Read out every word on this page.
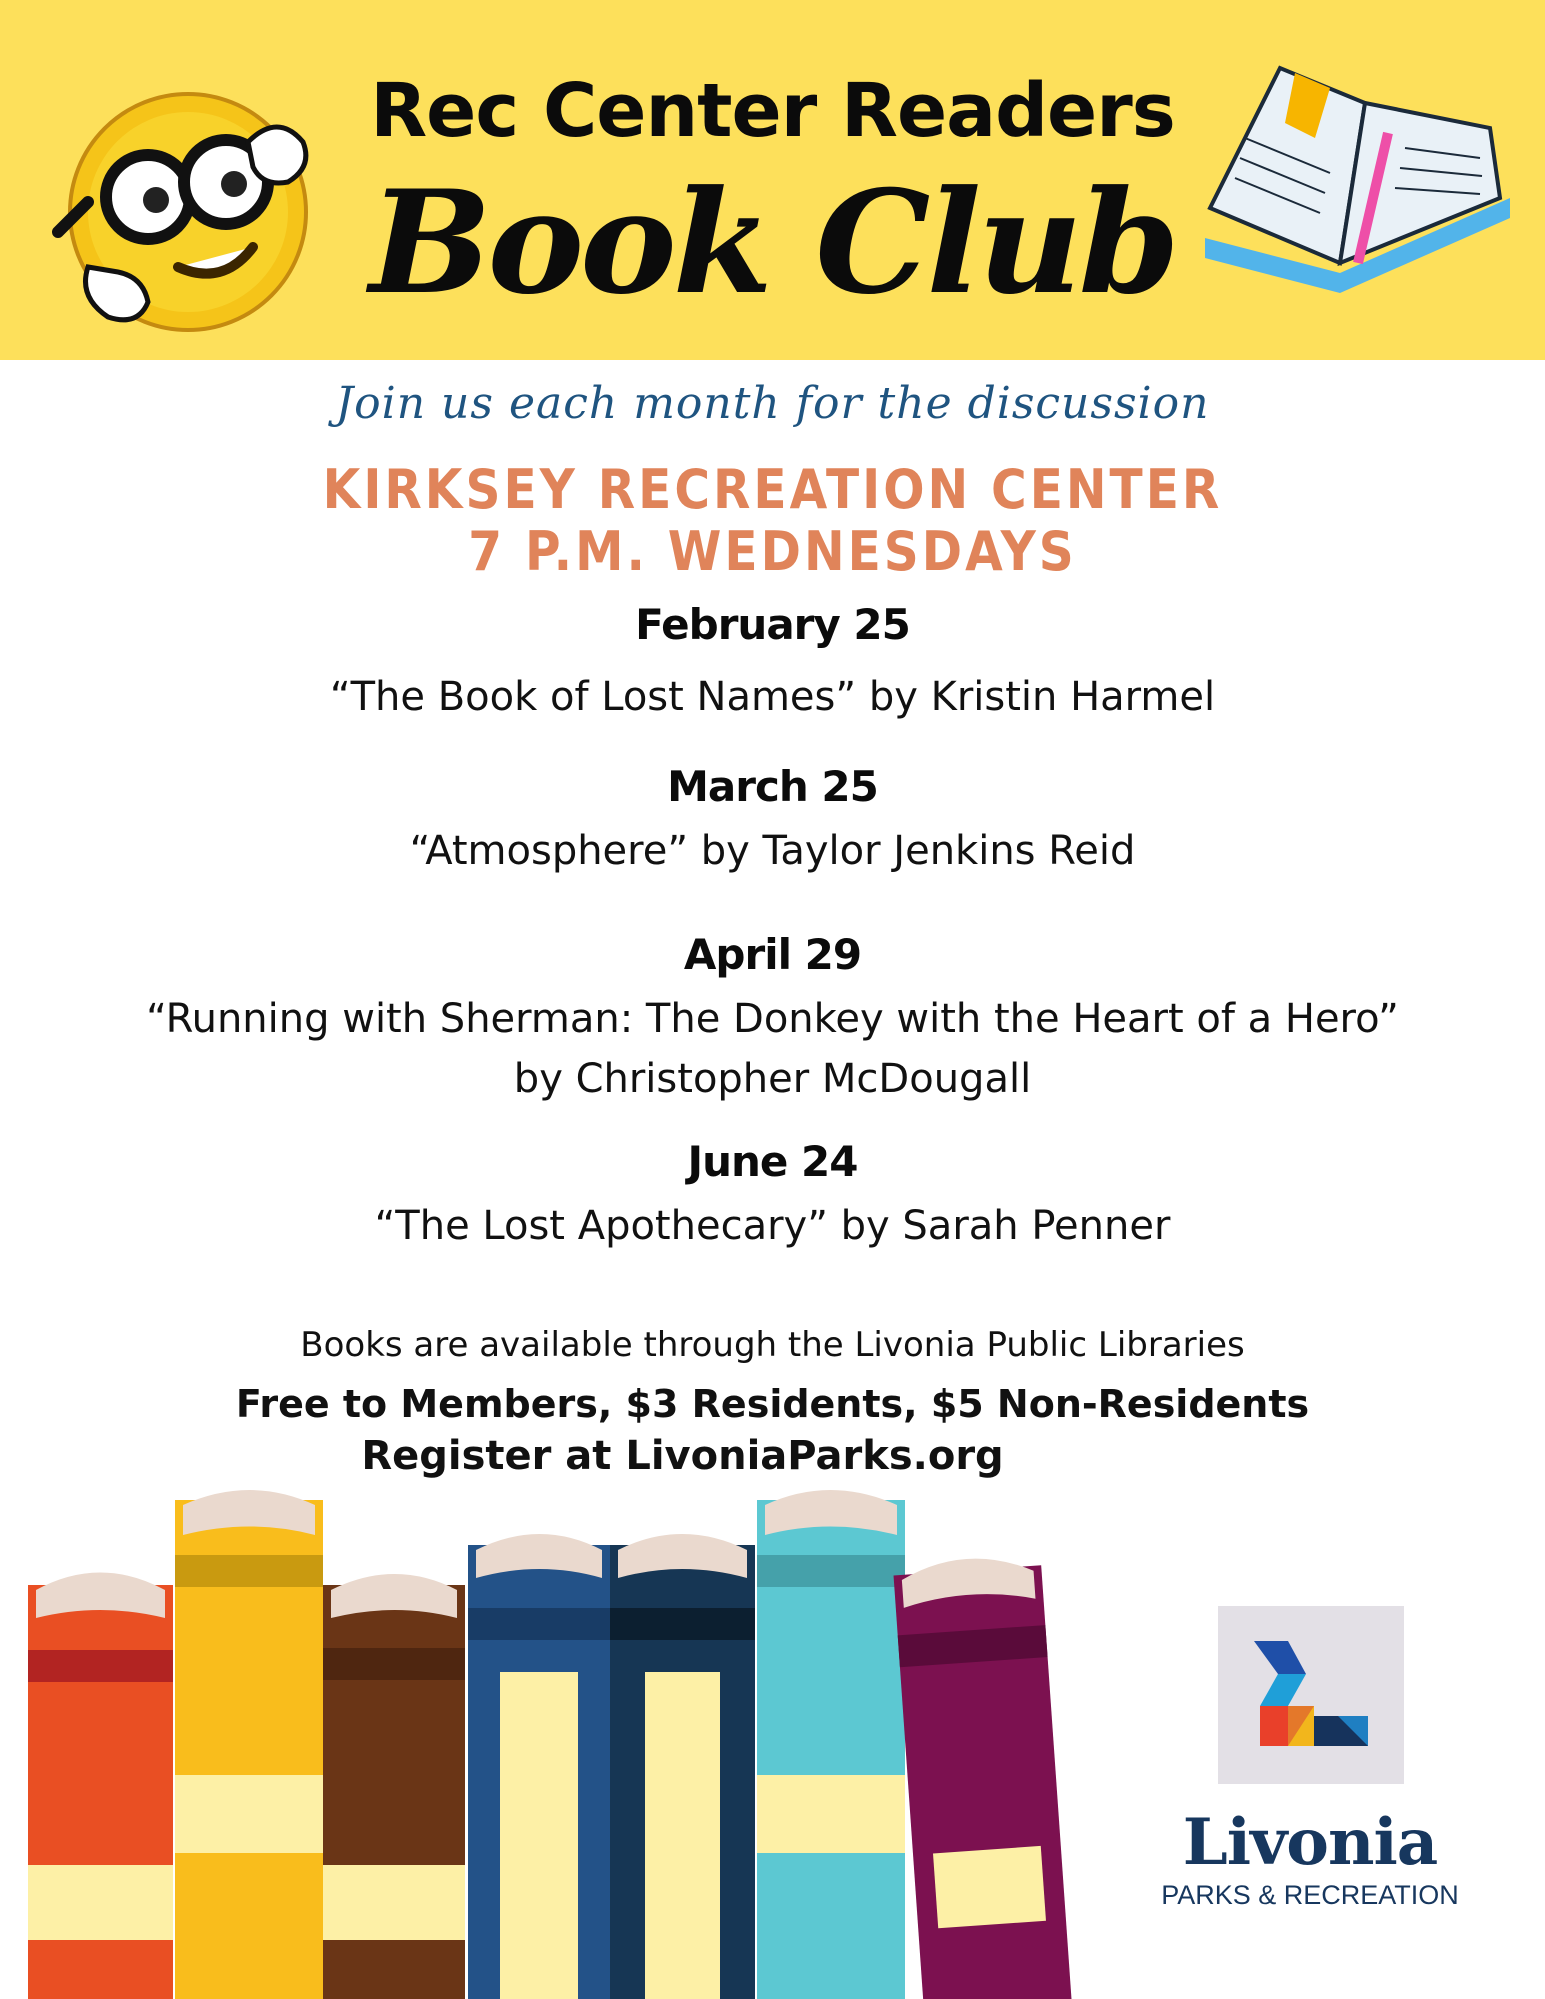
Rec Center Readers
Book Club
Join us each month for the discussion
KIRKSEY RECREATION CENTER
7 P.M. WEDNESDAYS
February 25
“The Book of Lost Names” by Kristin Harmel
March 25
“Atmosphere” by Taylor Jenkins Reid
April 29
“Running with Sherman: The Donkey with the Heart of a Hero”
by Christopher McDougall
June 24
“The Lost Apothecary” by Sarah Penner
Books are available through the Livonia Public Libraries
Free to Members, $3 Residents, $5 Non-Residents
Register at LivoniaParks.org
Livonia
PARKS & RECREATION
